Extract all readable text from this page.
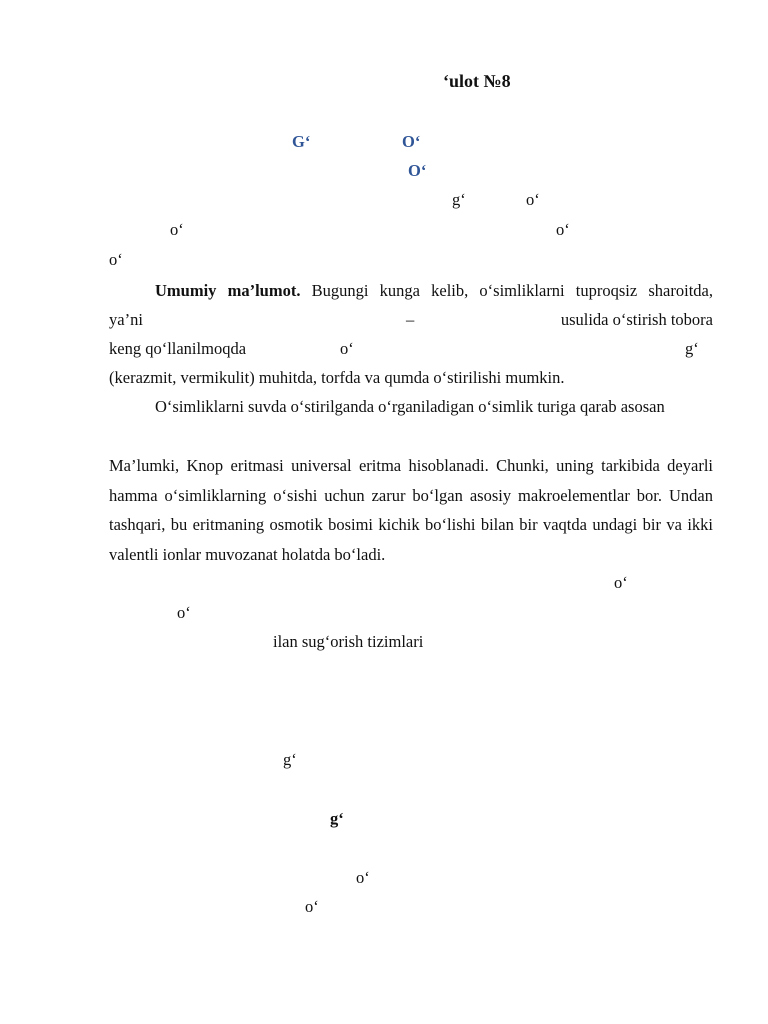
‘ulot №8
G‘	O‘
O‘
g‘	o‘
o‘	o‘
o‘
Umumiy ma’lumot. Bugungi kunga kelib, o‘simliklarni tuproqsiz sharoitda,
ya’ni	–	usulida o‘stirish tobora
keng qo‘llanilmoqda	o‘	g‘
(kerazmit, vermikulit) muhitda, torfda va qumda o‘stirilishi mumkin.
O‘simliklarni suvda o‘stirilganda o‘rganiladigan o‘simlik turiga qarab asosan
Ma’lumki, Knop eritmasi universal eritma hisoblanadi. Chunki, uning tarkibida deyarli hamma o‘simliklarning o‘sishi uchun zarur bo‘lgan asosiy makroelementlar bor. Undan tashqari, bu eritmaning osmotik bosimi kichik bo‘lishi bilan bir vaqtda undagi bir va ikki valentli ionlar muvozanat holatda bo‘ladi.
o‘
o‘
ilan sug‘orish tizimlari
g‘
g‘
o‘
o‘
